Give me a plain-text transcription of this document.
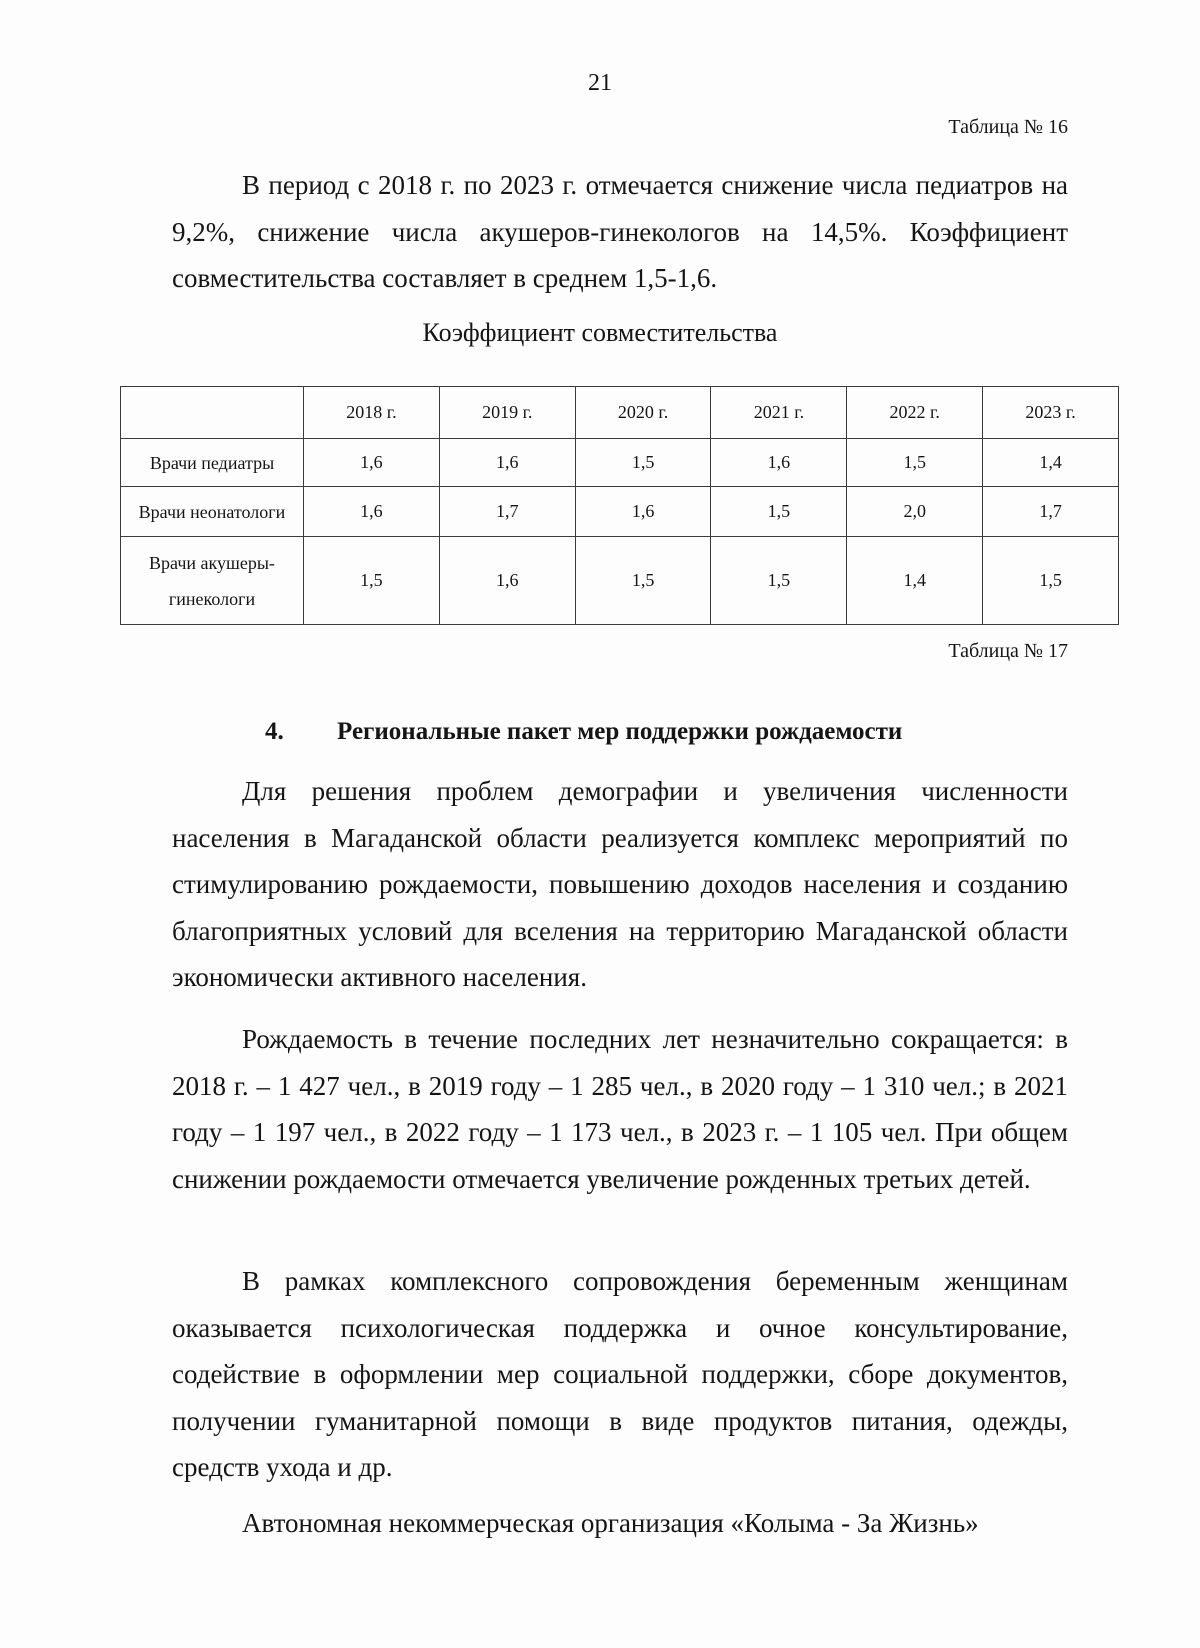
21
Таблица № 16

В период с 2018 г. по 2023 г. отмечается снижение числа педиатров на 9,2%, снижение числа акушеров-гинекологов на 14,5%. Коэффициент совместительства составляет в среднем 1,5-1,6.

Коэффициент совместительства
	2018 г.	2019 г.	2020 г.	2021 г.	2022 г.	2023 г.
Врачи педиатры	1,6	1,6	1,5	1,6	1,5	1,4
Врачи неонатологи	1,6	1,7	1,6	1,5	2,0	1,7
Врачи акушеры-гинекологи	1,5	1,6	1,5	1,5	1,4	1,5
Таблица № 17
4. Региональные пакет мер поддержки рождаемости

Для решения проблем демографии и увеличения численности населения в Магаданской области реализуется комплекс мероприятий по стимулированию рождаемости, повышению доходов населения и созданию благоприятных условий для вселения на территорию Магаданской области экономически активного населения.

Рождаемость в течение последних лет незначительно сокращается: в 2018 г. – 1 427 чел., в 2019 году – 1 285 чел., в 2020 году – 1 310 чел.; в 2021 году – 1 197 чел., в 2022 году – 1 173 чел., в 2023 г. – 1 105 чел. При общем снижении рождаемости отмечается увеличение рожденных третьих детей.

В рамках комплексного сопровождения беременным женщинам оказывается психологическая поддержка и очное консультирование, содействие в оформлении мер социальной поддержки, сборе документов, получении гуманитарной помощи в виде продуктов питания, одежды, средств ухода и др.

Автономная некоммерческая организация «Колыма - За Жизнь»
